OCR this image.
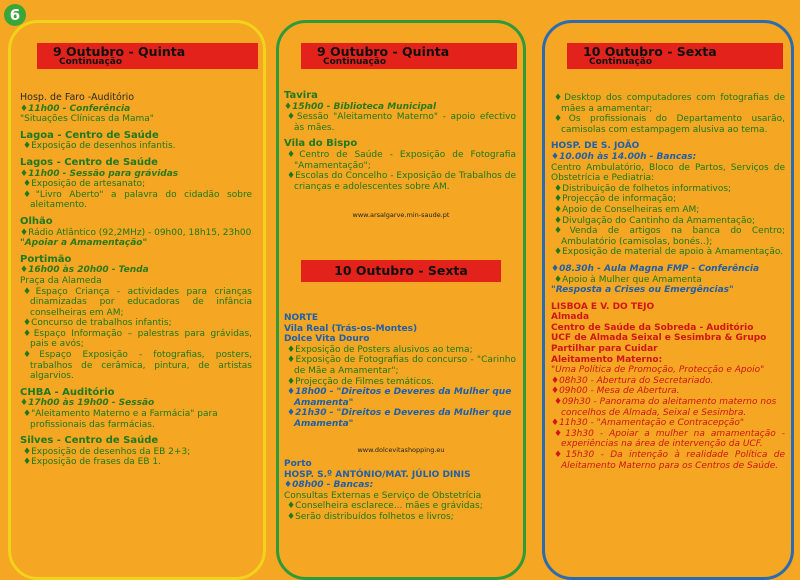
6
9 Outubro - Quinta
Continuação

Hosp. de Faro -Auditório

♦11h00 - Conferência

"Situações Clínicas da Mama"

Lagoa - Centro de Saúde

♦Exposição de desenhos infantis.

Lagos - Centro de Saúde

♦11h00 - Sessão para grávidas

♦Exposição de artesanato;

♦"Livro Aberto" a palavra do cidadão sobre aleitamento.

Olhão

♦Rádio Atlântico (92,2MHz) - 09h00, 18h15, 23h00

"Apoiar a Amamentação"

Portimão

♦16h00 às 20h00 - Tenda

Praça da Alameda

♦Espaço Criança - actividades para crianças dinamizadas por educadoras de infância conselheiras em AM;

♦Concurso de trabalhos infantis;

♦Espaço Informação – palestras para grávidas, pais e avós;

♦Espaço Exposição - fotografias, posters, trabalhos de cerâmica, pintura, de artistas algarvios.

CHBA - Auditório

♦17h00 às 19h00 - Sessão

♦"Aleitamento Materno e a Farmácia" para profissionais das farmácias.

Silves - Centro de Saúde

♦Exposição de desenhos da EB 2+3;

♦Exposição de frases da EB 1.

9 Outubro - Quinta
Continuação

Tavira

♦15h00 - Biblioteca Municipal

♦Sessão "Aleitamento Materno" - apoio efectivo às mães.

Vila do Bispo

♦Centro de Saúde - Exposição de Fotografia "Amamentação";

♦Escolas do Concelho - Exposição de Trabalhos de crianças e adolescentes sobre AM.

www.arsalgarve.min-saude.pt
10 Outubro - Sexta

NORTE

Vila Real (Trás-os-Montes)

Dolce Vita Douro

♦Exposição de Posters alusivos ao tema;

♦Exposição de Fotografias do concurso - "Carinho de Mãe a Amamentar";

♦Projecção de Filmes temáticos.

♦18h00 - "Direitos e Deveres da Mulher que Amamenta"

♦21h30 - "Direitos e Deveres da Mulher que Amamenta"

www.dolcevitashopping.eu

Porto

HOSP. S.º ANTÓNIO/MAT. JÚLIO DINIS

♦08h00 - Bancas:

Consultas Externas e Serviço de Obstetrícia

♦Conselheira esclarece... mães e grávidas;

♦Serão distribuídos folhetos e livros;

10 Outubro - Sexta
Continuação

♦Desktop dos computadores com fotografias de mães a amamentar;

♦Os profissionais do Departamento usarão, camisolas com estampagem alusiva ao tema.

HOSP. DE S. JOÃO

♦10.00h às 14.00h - Bancas:

Centro Ambulatório, Bloco de Partos, Serviços de Obstetrícia e Pediatria:

♦Distribuição de folhetos informativos;

♦Projecção de informação;

♦Apoio de Conselheiras em AM;

♦Divulgação do Cantinho da Amamentação;

♦Venda de artigos na banca do Centro; Ambulatório (camisolas, bonés..);

♦Exposição de material de apoio à Amamentação.

♦08.30h - Aula Magna FMP - Conferência

♦Apoio à Mulher que Amamenta

"Resposta a Crises ou Emergências"

LISBOA E V. DO TEJO

Almada

Centro de Saúde da Sobreda - Auditório

UCF de Almada Seixal e Sesimbra & Grupo Partilhar para Cuidar

Aleitamento Materno:

"Uma Política de Promoção, Protecção e Apoio"

♦08h30 - Abertura do Secretariado.

♦09h00 - Mesa de Abertura.

♦09h30 - Panorama do aleitamento materno nos concelhos de Almada, Seixal e Sesimbra.

♦11h30 - "Amamentação e Contracepção"

♦13h30 - Apoiar a mulher na amamentação - experiências na área de intervenção da UCF.

♦15h30 - Da intenção à realidade Política de Aleitamento Materno para os Centros de Saúde.
